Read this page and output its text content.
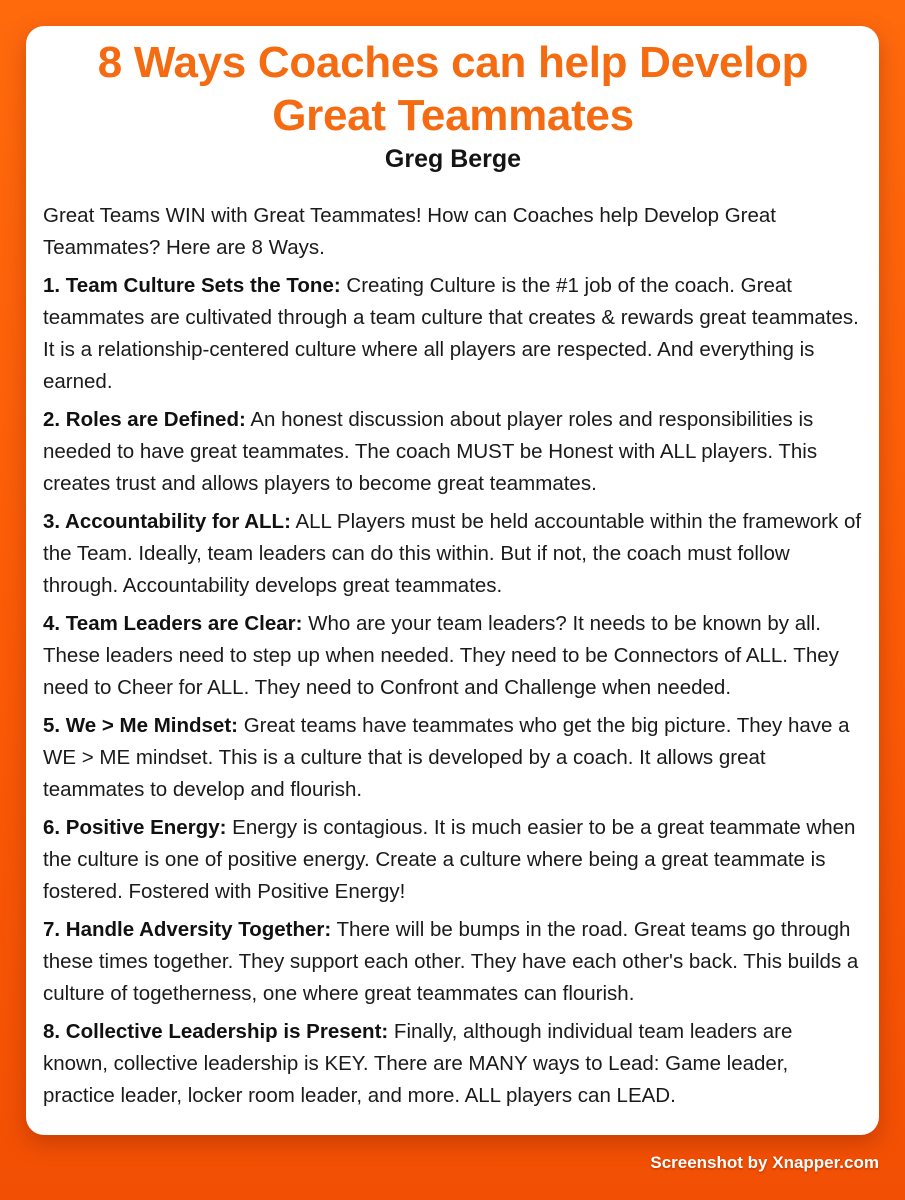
8 Ways Coaches can help Develop Great Teammates
Greg Berge

Great Teams WIN with Great Teammates! How can Coaches help Develop Great Teammates? Here are 8 Ways.

1. Team Culture Sets the Tone: Creating Culture is the #1 job of the coach. Great teammates are cultivated through a team culture that creates & rewards great teammates. It is a relationship-centered culture where all players are respected. And everything is earned.

2. Roles are Defined: An honest discussion about player roles and responsibilities is needed to have great teammates. The coach MUST be Honest with ALL players. This creates trust and allows players to become great teammates.

3. Accountability for ALL: ALL Players must be held accountable within the framework of the Team. Ideally, team leaders can do this within. But if not, the coach must follow through. Accountability develops great teammates.

4. Team Leaders are Clear: Who are your team leaders? It needs to be known by all. These leaders need to step up when needed. They need to be Connectors of ALL. They need to Cheer for ALL. They need to Confront and Challenge when needed.

5. We > Me Mindset: Great teams have teammates who get the big picture. They have a WE > ME mindset. This is a culture that is developed by a coach. It allows great teammates to develop and flourish.

6. Positive Energy: Energy is contagious. It is much easier to be a great teammate when the culture is one of positive energy. Create a culture where being a great teammate is fostered. Fostered with Positive Energy!

7. Handle Adversity Together: There will be bumps in the road. Great teams go through these times together. They support each other. They have each other's back. This builds a culture of togetherness, one where great teammates can flourish.

8. Collective Leadership is Present: Finally, although individual team leaders are known, collective leadership is KEY. There are MANY ways to Lead: Game leader, practice leader, locker room leader, and more. ALL players can LEAD.

Screenshot by Xnapper.com
